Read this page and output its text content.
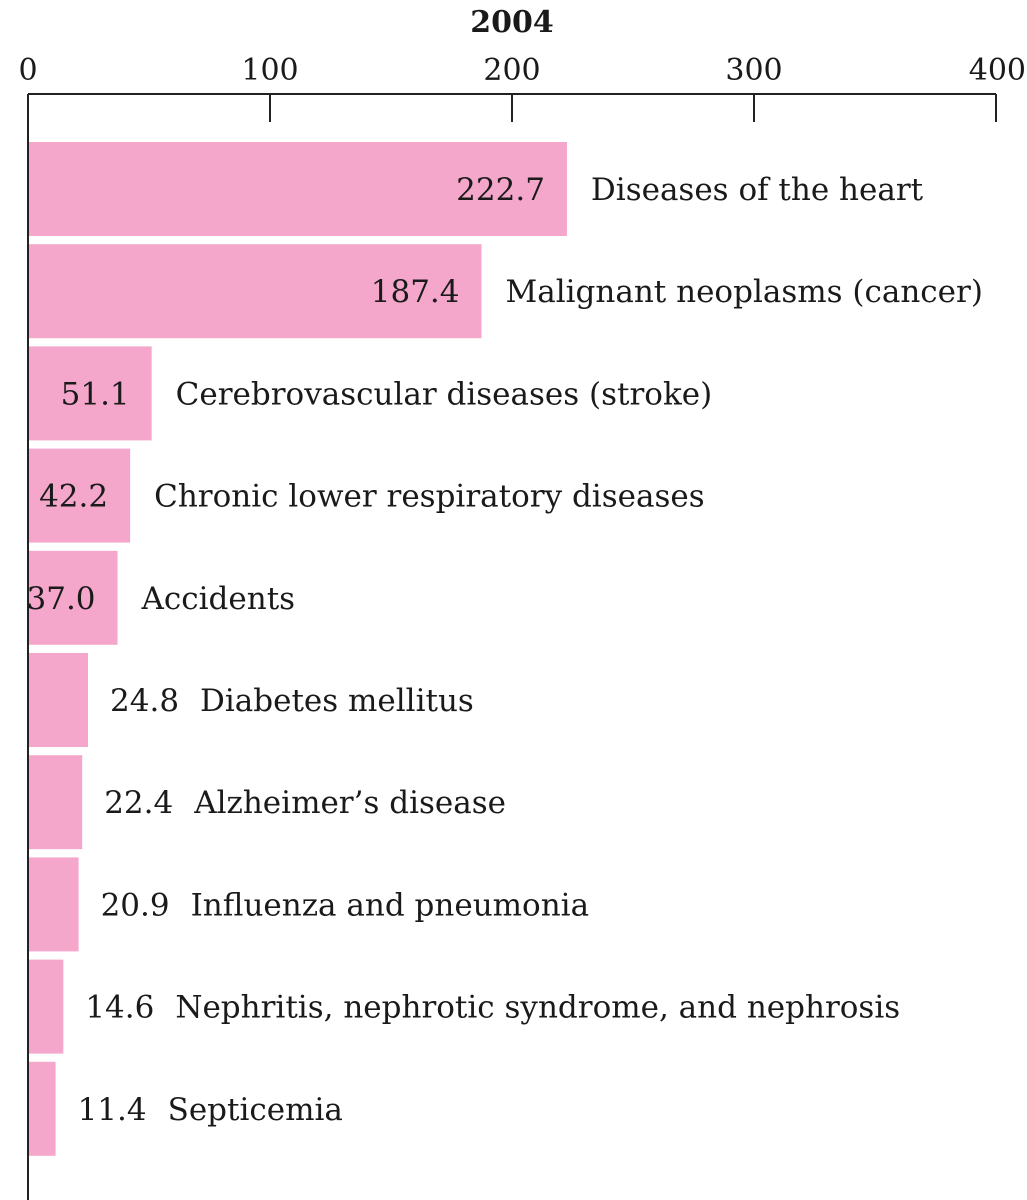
2004
0	100	200	300	400
222.7 Diseases of the heart
187.4 Malignant neoplasms (cancer)
51.1 Cerebrovascular diseases (stroke)
42.2 Chronic lower respiratory diseases
37.0 Accidents
24.8 Diabetes mellitus
22.4 Alzheimer’s disease
20.9 Influenza and pneumonia
14.6 Nephritis, nephrotic syndrome, and nephrosis
11.4 Septicemia
